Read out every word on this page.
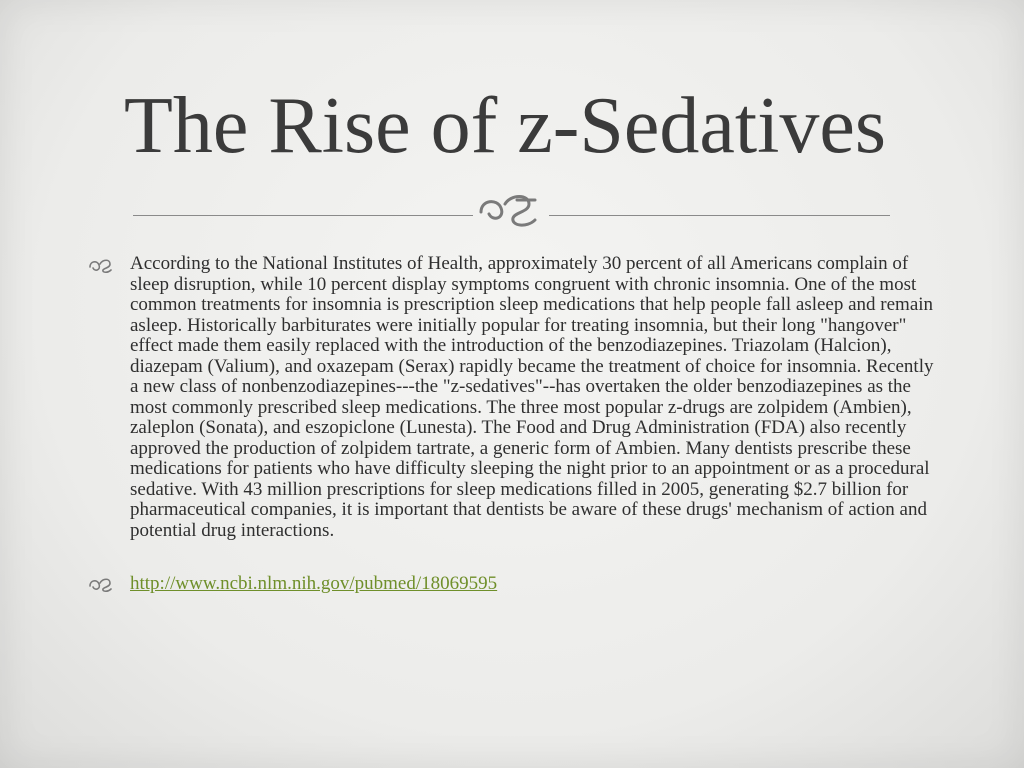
The Rise of z-Sedatives

According to the National Institutes of Health, approximately 30 percent of all Americans complain of sleep disruption, while 10 percent display symptoms congruent with chronic insomnia. One of the most common treatments for insomnia is prescription sleep medications that help people fall asleep and remain asleep. Historically barbiturates were initially popular for treating insomnia, but their long "hangover" effect made them easily replaced with the introduction of the benzodiazepines. Triazolam (Halcion), diazepam (Valium), and oxazepam (Serax) rapidly became the treatment of choice for insomnia. Recently a new class of nonbenzodiazepines---the "z-sedatives"--has overtaken the older benzodiazepines as the most commonly prescribed sleep medications. The three most popular z-drugs are zolpidem (Ambien), zaleplon (Sonata), and eszopiclone (Lunesta). The Food and Drug Administration (FDA) also recently approved the production of zolpidem tartrate, a generic form of Ambien. Many dentists prescribe these medications for patients who have difficulty sleeping the night prior to an appointment or as a procedural sedative. With 43 million prescriptions for sleep medications filled in 2005, generating $2.7 billion for pharmaceutical companies, it is important that dentists be aware of these drugs' mechanism of action and potential drug interactions.

http://www.ncbi.nlm.nih.gov/pubmed/18069595
